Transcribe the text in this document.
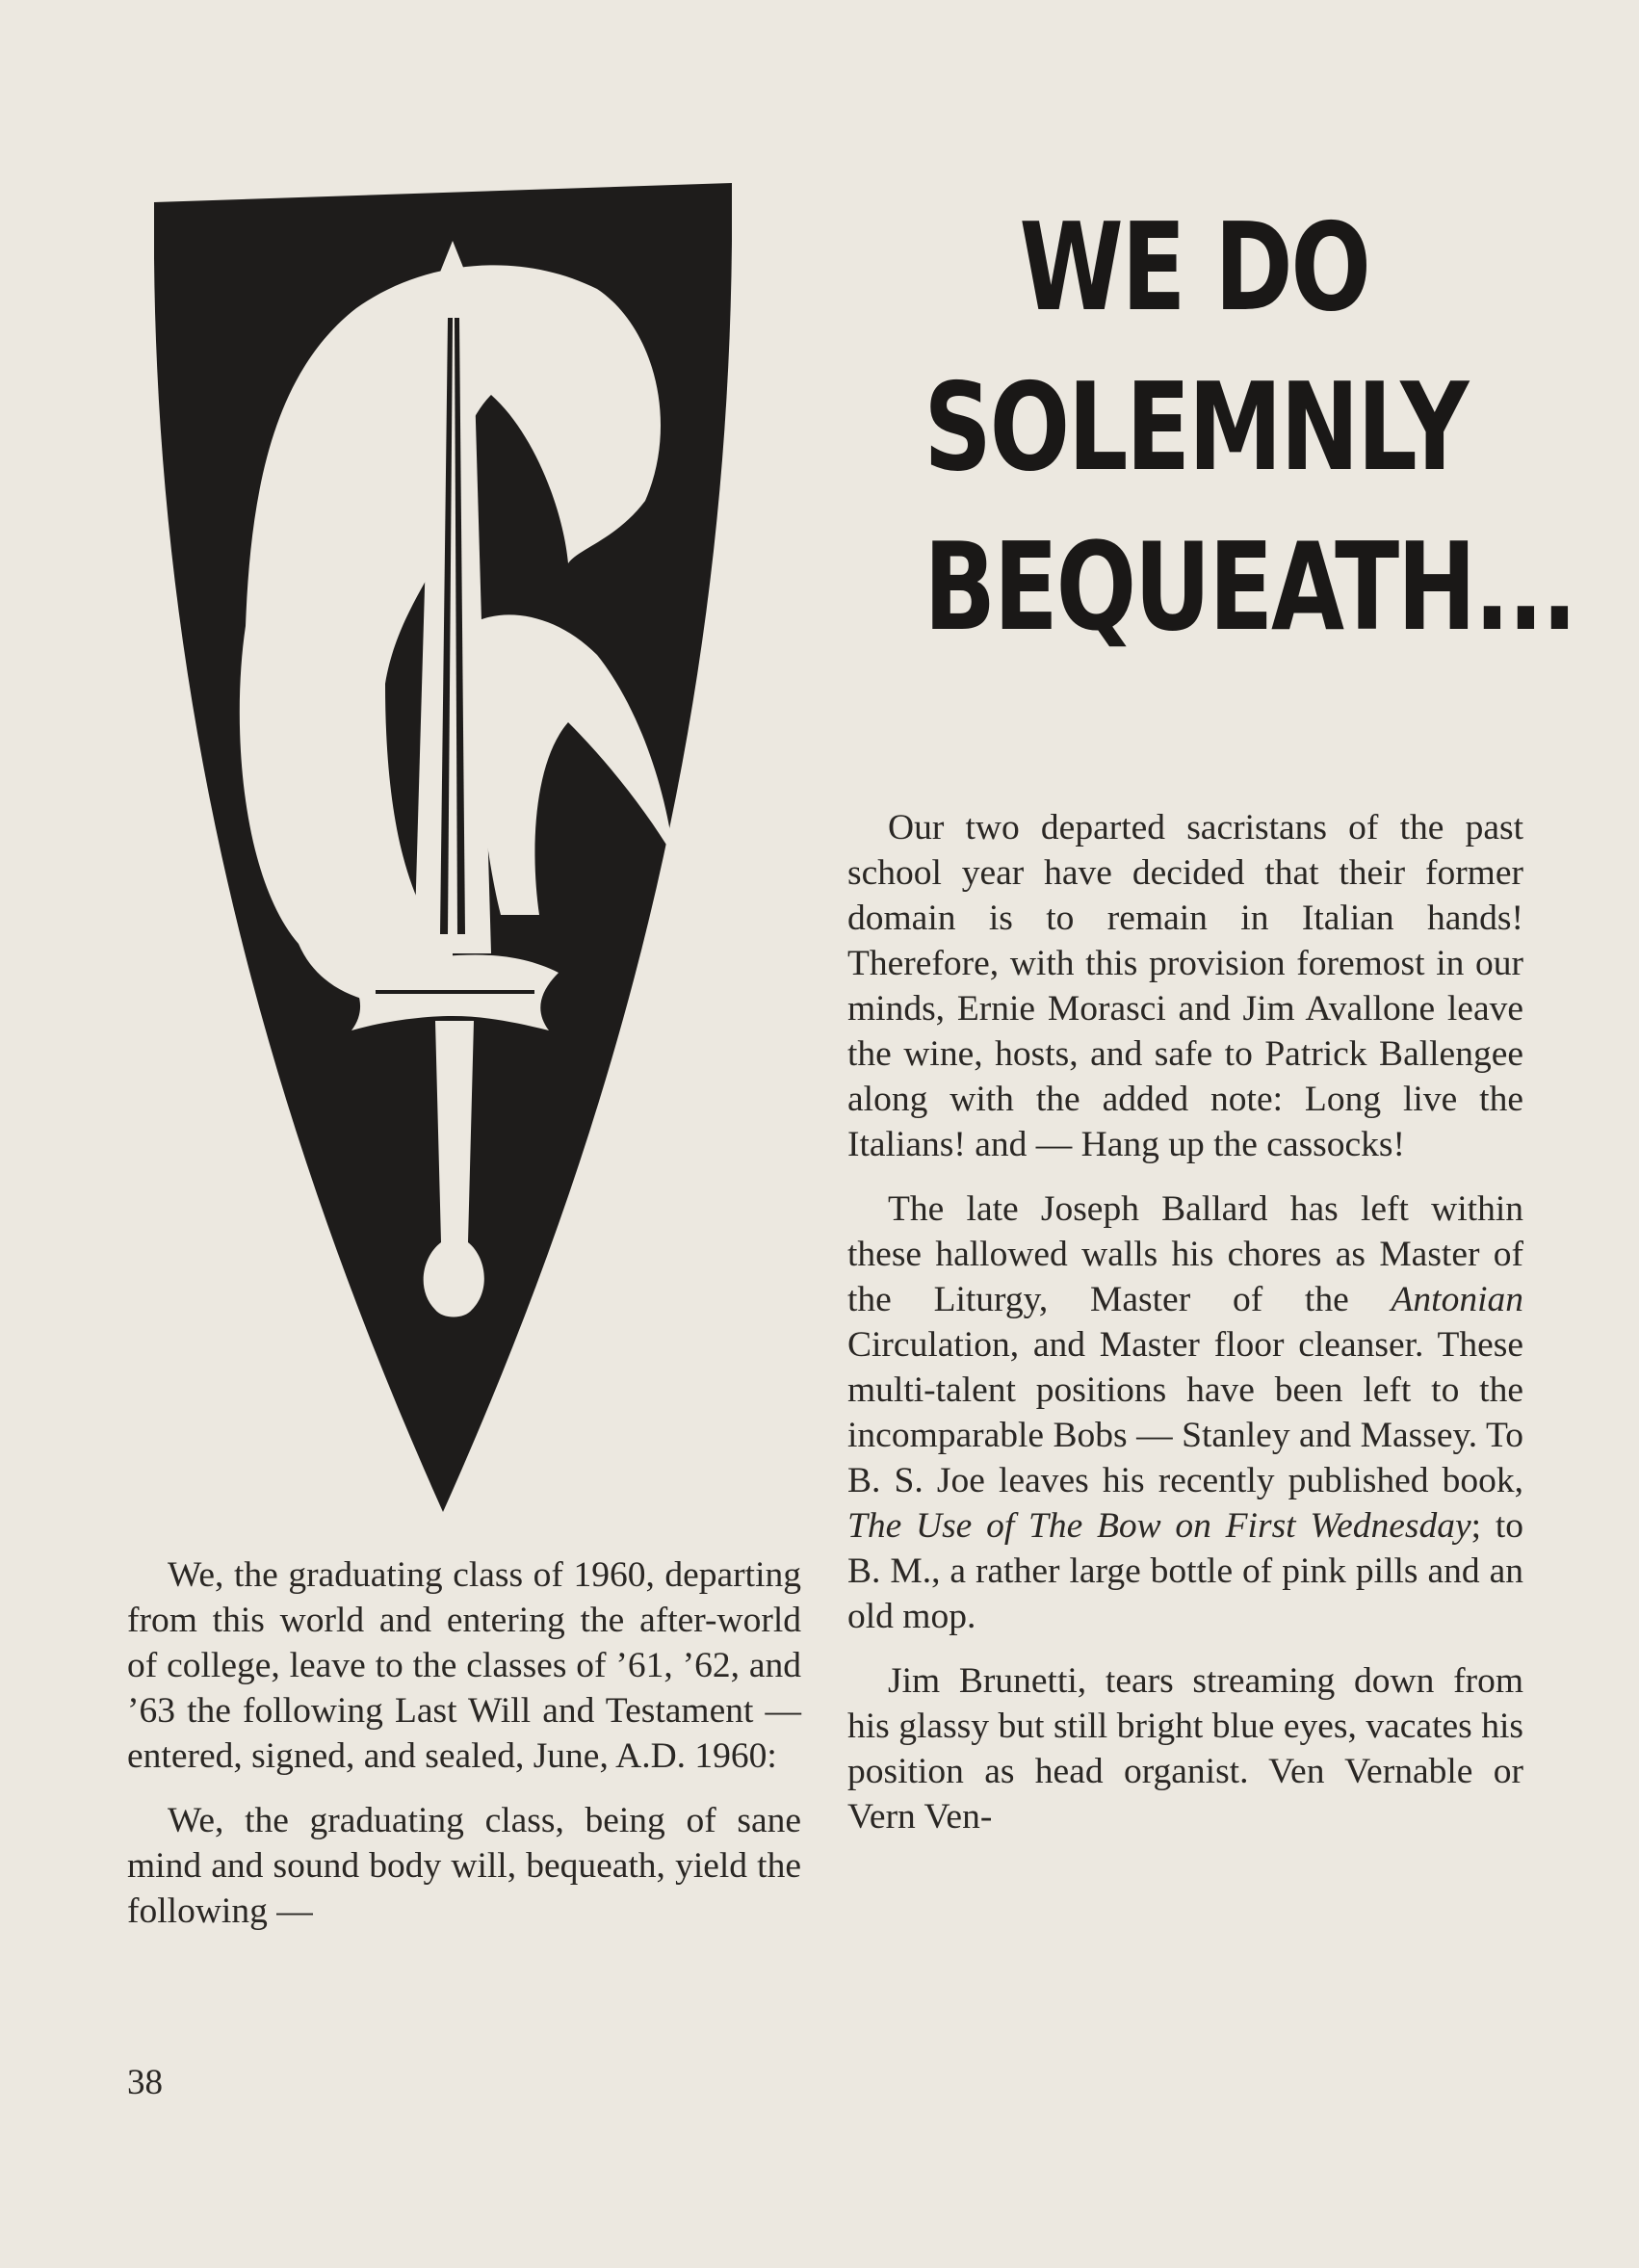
WE DO
SOLEMNLY
BEQUEATH...

Our two departed sacristans of the past school year have decided that their former domain is to remain in Italian hands! Therefore, with this provision foremost in our minds, Ernie Morasci and Jim Avallone leave the wine, hosts, and safe to Patrick Ballengee along with the added note: Long live the Italians! and — Hang up the cassocks!

The late Joseph Ballard has left within these hallowed walls his chores as Master of the Liturgy, Master of the Antonian Circulation, and Master floor cleanser. These multi-talent positions have been left to the incomparable Bobs — Stanley and Massey. To B. S. Joe leaves his recently published book, The Use of The Bow on First Wednesday; to B. M., a rather large bottle of pink pills and an old mop.

Jim Brunetti, tears streaming down from his glassy but still bright blue eyes, vacates his position as head organist. Ven Vernable or Vern Ven-

We, the graduating class of 1960, departing from this world and entering the after-world of college, leave to the classes of ’61, ’62, and ’63 the following Last Will and Testament — entered, signed, and sealed, June, A.D. 1960:

We, the graduating class, being of sane mind and sound body will, bequeath, yield the following —

38
